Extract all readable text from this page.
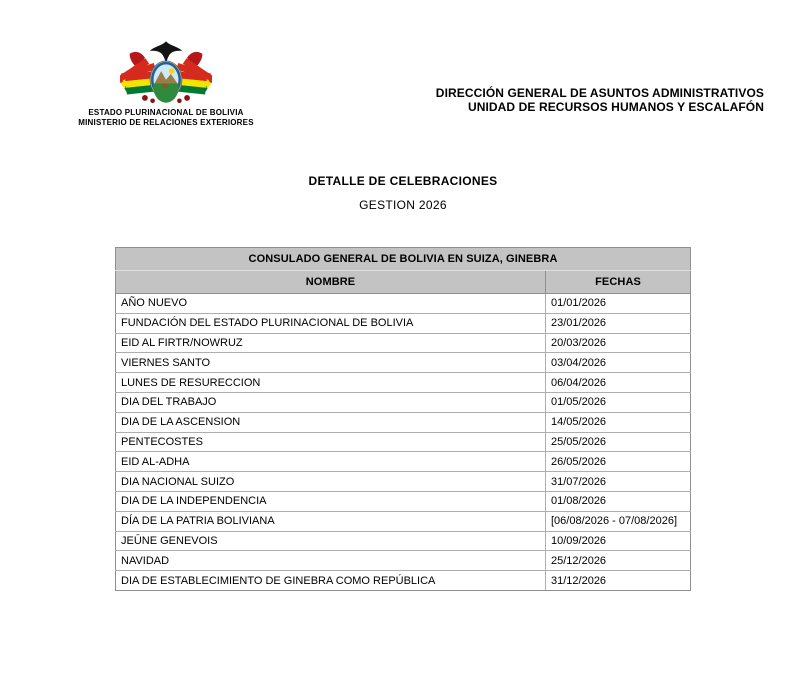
ESTADO PLURINACIONAL DE BOLIVIA
MINISTERIO DE RELACIONES EXTERIORES
DIRECCIÓN GENERAL DE ASUNTOS ADMINISTRATIVOS
UNIDAD DE RECURSOS HUMANOS Y ESCALAFÓN
DETALLE DE CELEBRACIONES
GESTION 2026
CONSULADO GENERAL DE BOLIVIA EN SUIZA, GINEBRA	
NOMBRE	FECHAS
AÑO NUEVO	01/01/2026
FUNDACIÓN DEL ESTADO PLURINACIONAL DE BOLIVIA	23/01/2026
EID AL FIRTR/NOWRUZ	20/03/2026
VIERNES SANTO	03/04/2026
LUNES DE RESURECCION	06/04/2026
DIA DEL TRABAJO	01/05/2026
DIA DE LA ASCENSION	14/05/2026
PENTECOSTES	25/05/2026
EID AL-ADHA	26/05/2026
DIA NACIONAL SUIZO	31/07/2026
DIA DE LA INDEPENDENCIA	01/08/2026
DÍA DE LA PATRIA BOLIVIANA	[06/08/2026 - 07/08/2026]
JEŪNE GENEVOIS	10/09/2026
NAVIDAD	25/12/2026
DIA DE ESTABLECIMIENTO DE GINEBRA COMO REPÚBLICA	31/12/2026
